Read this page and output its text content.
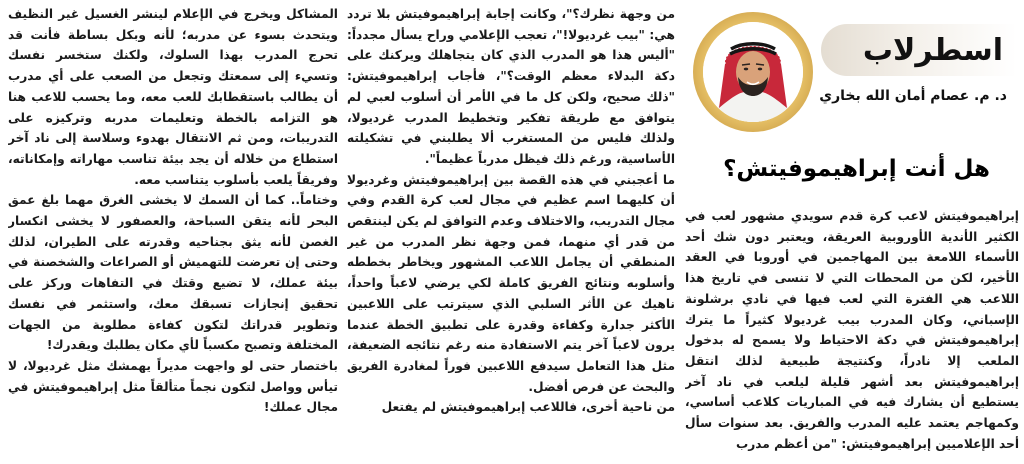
اسطرلاب
د. م. عصام أمان الله بخاري
هل أنت إبراهيموفيتش؟

إبراهيموفيتش لاعب كرة قدم سويدي مشهور لعب في الكثير الأندية الأوروبية العريقة، ويعتبر دون شك أحد الأسماء اللامعة بين المهاجمين في أوروبا في العقد الأخير، لكن من المحطات التي لا تنسى في تاريخ هذا اللاعب هي الفترة التي لعب فيها في نادي برشلونة الإسباني، وكان المدرب بيب غرديولا كثيراً ما يترك إبراهيموفيتش في دكة الاحتياط ولا يسمح له بدخول الملعب إلا نادراً، وكنتيجة طبيعية لذلك انتقل إبراهيموفيتش بعد أشهر قليلة ليلعب في ناد آخر يستطيع أن يشارك فيه في المباريات كلاعب أساسي، وكمهاجم يعتمد عليه المدرب والفريق. بعد سنوات سأل أحد الإعلاميين إبراهيموفيتش: "من أعظم مدرب

من وجهة نظرك؟"، وكانت إجابة إبراهيموفيتش بلا تردد هي: "بيب غرديولا!"، تعجب الإعلامي وراح يسأل مجدداً: "أليس هذا هو المدرب الذي كان يتجاهلك ويركنك على دكة البدلاء معظم الوقت؟"، فأجاب إبراهيموفيتش: "ذلك صحيح، ولكن كل ما في الأمر أن أسلوب لعبي لم يتوافق مع طريقة تفكير وتخطيط المدرب غرديولا، ولذلك فليس من المستغرب ألا يطلبني في تشكيلته الأساسية، ورغم ذلك فيظل مدرباً عظيماً".

ما أعجبني في هذه القصة بين إبراهيموفيتش وغرديولا أن كليهما اسم عظيم في مجال لعب كرة القدم وفي مجال التدريب، والاختلاف وعدم التوافق لم يكن لينتقص من قدر أي منهما، فمن وجهة نظر المدرب من غير المنطقي أن يجامل اللاعب المشهور ويخاطر بخططه وأسلوبه ونتائج الفريق كاملة لكي يرضي لاعباً واحداً، ناهيك عن الأثر السلبي الذي سيترتب على اللاعبين الأكثر جدارة وكفاءة وقدرة على تطبيق الخطة عندما يرون لاعباً آخر يتم الاستفادة منه رغم نتائجه الضعيفة، مثل هذا التعامل سيدفع اللاعبين فوراً لمغادرة الفريق والبحث عن فرص أفضل.

من ناحية أخرى، فاللاعب إبراهيموفيتش لم يفتعل

المشاكل ويخرج في الإعلام لينشر الغسيل غير النظيف ويتحدث بسوء عن مدربه؛ لأنه وبكل بساطة فأنت قد تحرج المدرب بهذا السلوك، ولكنك ستخسر نفسك وتسيء إلى سمعتك وتجعل من الصعب على أي مدرب أن يطالب باستقطابك للعب معه، وما يحسب للاعب هنا هو التزامه بالخطة وتعليمات مدربه وتركيزه على التدريبات، ومن ثم الانتقال بهدوء وسلاسة إلى ناد آخر استطاع من خلاله أن يجد بيئة تناسب مهاراته وإمكاناته، وفريقاً يلعب بأسلوب يتناسب معه.

وختاماً.. كما أن السمك لا يخشى الغرق مهما بلغ عمق البحر لأنه يتقن السباحة، والعصفور لا يخشى انكسار الغصن لأنه يثق بجناحيه وقدرته على الطيران، لذلك وحتى إن تعرضت للتهميش أو الصراعات والشخصنة في بيئة عملك، لا تضيع وقتك في التفاهات وركز على تحقيق إنجازات تسبقك معك، واستثمر في نفسك وتطوير قدراتك لتكون كفاءة مطلوبة من الجهات المختلفة وتصبح مكسباً لأي مكان يطلبك ويقدرك!

باختصار حتى لو واجهت مديراً يهمشك مثل غرديولا، لا تيأس وواصل لتكون نجماً متألقاً مثل إبراهيموفيتش في مجال عملك!
